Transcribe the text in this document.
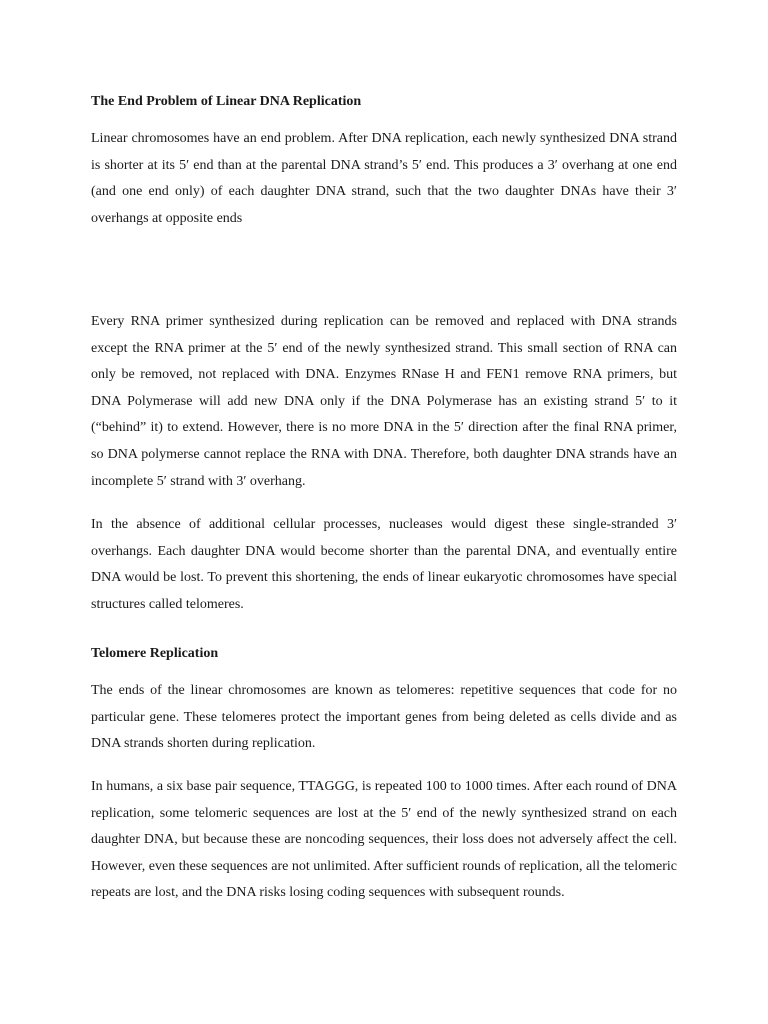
The End Problem of Linear DNA Replication

Linear chromosomes have an end problem. After DNA replication, each newly synthesized DNA strand is shorter at its 5′ end than at the parental DNA strand’s 5′ end. This produces a 3′ overhang at one end (and one end only) of each daughter DNA strand, such that the two daughter DNAs have their 3′ overhangs at opposite ends

Every RNA primer synthesized during replication can be removed and replaced with DNA strands except the RNA primer at the 5′ end of the newly synthesized strand. This small section of RNA can only be removed, not replaced with DNA. Enzymes RNase H and FEN1 remove RNA primers, but DNA Polymerase will add new DNA only if the DNA Polymerase has an existing strand 5′ to it (“behind” it) to extend. However, there is no more DNA in the 5′ direction after the final RNA primer, so DNA polymerse cannot replace the RNA with DNA. Therefore, both daughter DNA strands have an incomplete 5′ strand with 3′ overhang.

In the absence of additional cellular processes, nucleases would digest these single-stranded 3′ overhangs. Each daughter DNA would become shorter than the parental DNA, and eventually entire DNA would be lost. To prevent this shortening, the ends of linear eukaryotic chromosomes have special structures called telomeres.

Telomere Replication

The ends of the linear chromosomes are known as telomeres: repetitive sequences that code for no particular gene. These telomeres protect the important genes from being deleted as cells divide and as DNA strands shorten during replication.

In humans, a six base pair sequence, TTAGGG, is repeated 100 to 1000 times. After each round of DNA replication, some telomeric sequences are lost at the 5′ end of the newly synthesized strand on each daughter DNA, but because these are noncoding sequences, their loss does not adversely affect the cell. However, even these sequences are not unlimited. After sufficient rounds of replication, all the telomeric repeats are lost, and the DNA risks losing coding sequences with subsequent rounds.
